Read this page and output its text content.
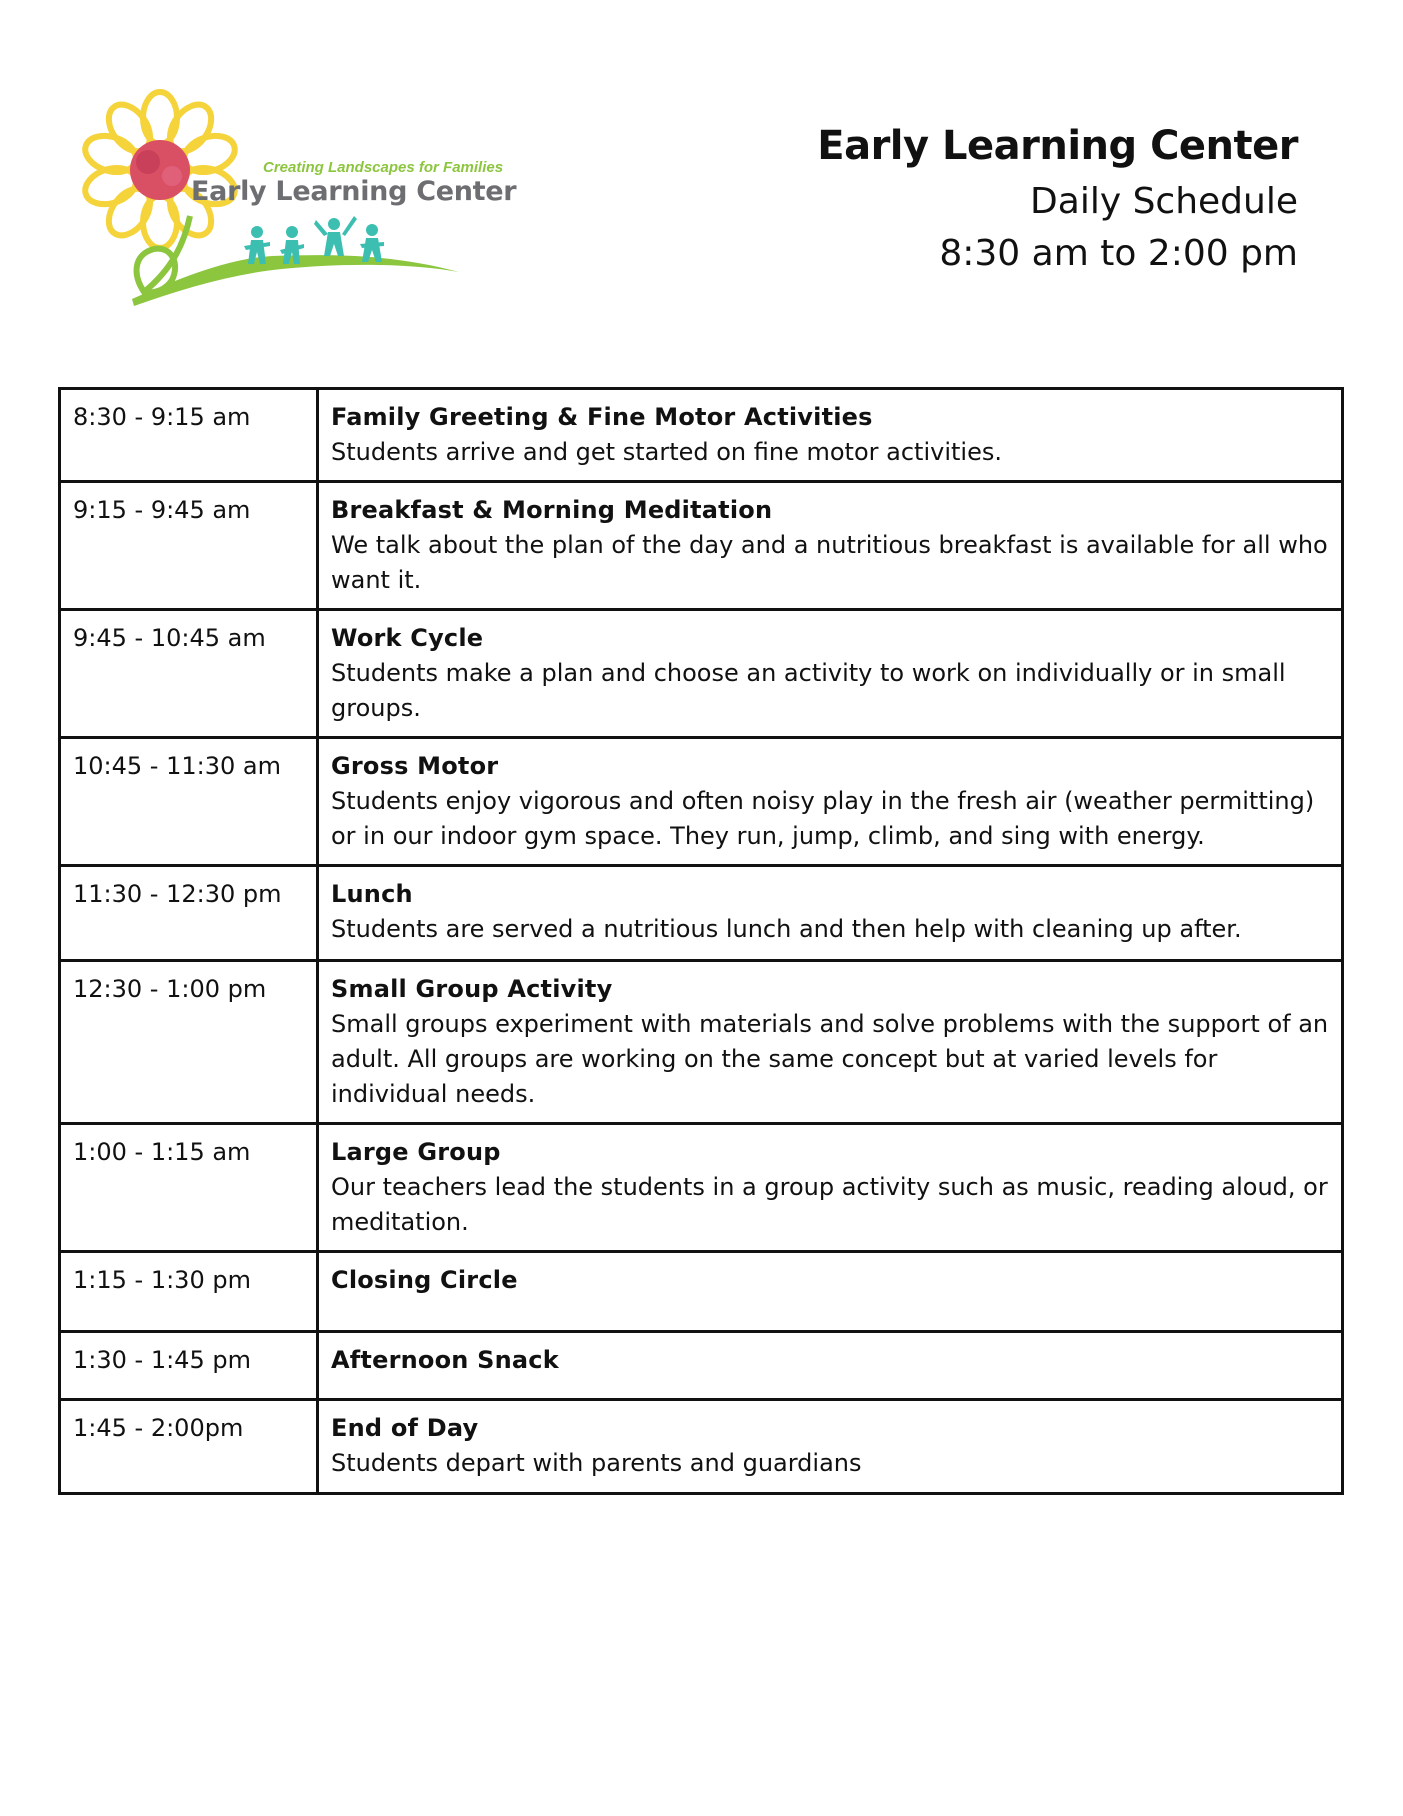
Creating Landscapes for Families
Early Learning Center
Early Learning Center
Daily Schedule
8:30 am to 2:00 pm
8:30 - 9:15 am	Family Greeting & Fine Motor Activities
Students arrive and get started on fine motor activities.

9:15 - 9:45 am	Breakfast & Morning Meditation
We talk about the plan of the day and a nutritious breakfast is available for all who want it.

9:45 - 10:45 am	Work Cycle
Students make a plan and choose an activity to work on individually or in small groups.

10:45 - 11:30 am	Gross Motor
Students enjoy vigorous and often noisy play in the fresh air (weather permitting) or in our indoor gym space. They run, jump, climb, and sing with energy.

11:30 - 12:30 pm	Lunch
Students are served a nutritious lunch and then help with cleaning up after.

12:30 - 1:00 pm	Small Group Activity
Small groups experiment with materials and solve problems with the support of an adult. All groups are working on the same concept but at varied levels for individual needs.

1:00 - 1:15 am	Large Group
Our teachers lead the students in a group activity such as music, reading aloud, or meditation.

1:15 - 1:30 pm	Closing Circle

1:30 - 1:45 pm	Afternoon Snack

1:45 - 2:00pm	End of Day
Students depart with parents and guardians
